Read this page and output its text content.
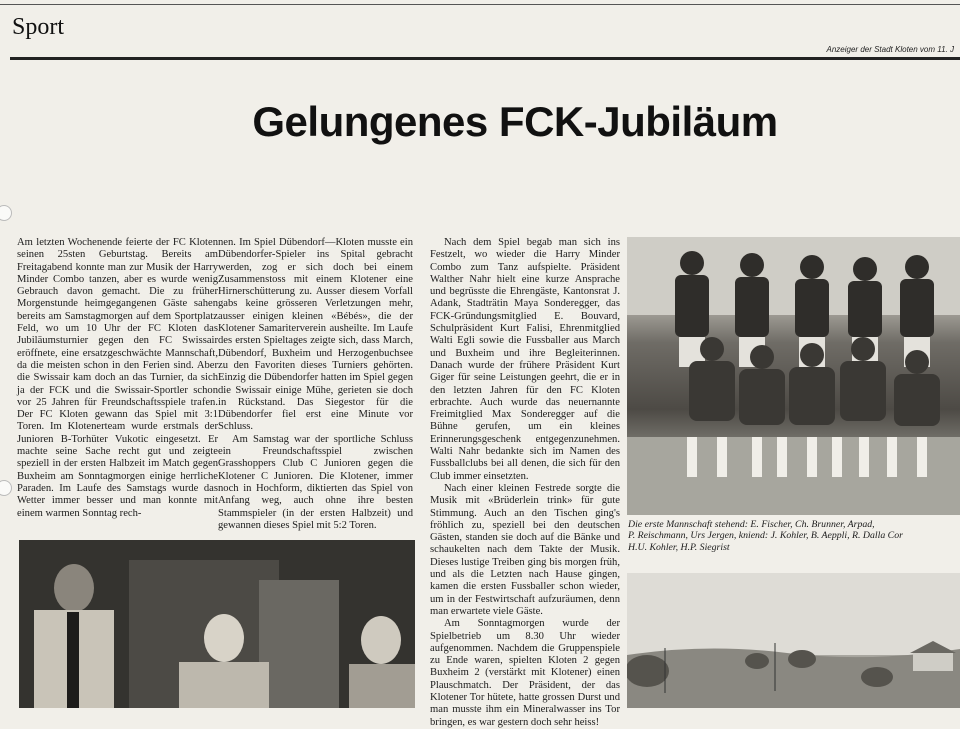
Sport
Anzeiger der Stadt Kloten vom 11. J
Gelungenes FCK-Jubiläum

Am letzten Wochenende feierte der FC Kloten seinen 25sten Geburtstag. Bereits am Freitagabend konnte man zur Musik der Harry Minder Combo tanzen, aber es wurde wenig Gebrauch davon gemacht. Die zu früher Morgenstunde heimgegangenen Gäste sahen bereits am Samstagmorgen auf dem Sportplatz Feld, wo um 10 Uhr der FC Kloten das Jubiläumsturnier gegen den FC Swissair eröffnete, eine ersatzgeschwächte Mannschaft, da die meisten schon in den Ferien sind. Aber die Swissair kam doch an das Turnier, da sich ja der FCK und die Swissair-Sportler schon vor 25 Jahren für Freundschaftsspiele trafen. Der FC Kloten gewann das Spiel mit 3:1 Toren. Im Klotenerteam wurde erstmals der Junioren B-Torhüter Vukotic eingesetzt. Er machte seine Sache recht gut und zeigte speziell in der ersten Halbzeit im Match gegen Buxheim am Sonntagmorgen einige herrliche Paraden. Im Laufe des Samstags wurde das Wetter immer besser und man konnte mit einem warmen Sonntag rech-

nen. Im Spiel Dübendorf—Kloten musste ein Dübendorfer-Spieler ins Spital gebracht werden, zog er sich doch bei einem Zusammenstoss mit einem Klotener eine Hirnerschütterung zu. Ausser diesem Vorfall gabs keine grösseren Verletzungen mehr, ausser einigen kleinen «Bébés», die der Klotener Samariterverein ausheilte. Im Laufe des ersten Spieltages zeigte sich, dass March, Dübendorf, Buxheim und Herzogenbuchsee zu den Favoriten dieses Turniers gehörten. Einzig die Dübendorfer hatten im Spiel gegen die Swissair einige Mühe, gerieten sie doch in Rückstand. Das Siegestor für die Dübendorfer fiel erst eine Minute vor Schluss.

Am Samstag war der sportliche Schluss ein Freundschaftsspiel zwischen Grasshoppers Club C Junioren gegen die Klotener C Junioren. Die Klotener, immer noch in Hochform, diktierten das Spiel von Anfang weg, auch ohne ihre besten Stammspieler (in der ersten Halbzeit) und gewannen dieses Spiel mit 5:2 Toren.

Nach dem Spiel begab man sich ins Festzelt, wo wieder die Harry Minder Combo zum Tanz aufspielte. Präsident Walther Nahr hielt eine kurze Ansprache und begrüsste die Ehrengäste, Kantonsrat J. Adank, Stadträtin Maya Sonderegger, das FCK-Gründungsmitglied E. Bouvard, Schulpräsident Kurt Falisi, Ehrenmitglied Walti Egli sowie die Fussballer aus March und Buxheim und ihre Begleiterinnen. Danach wurde der frühere Präsident Kurt Giger für seine Leistungen geehrt, die er in den letzten Jahren für den FC Kloten erbrachte. Auch wurde das neuernannte Freimitglied Max Sonderegger auf die Bühne gerufen, um ein kleines Erinnerungsgeschenk entgegenzunehmen. Walti Nahr bedankte sich im Namen des Fussballclubs bei all denen, die sich für den Club immer einsetzten.

Nach einer kleinen Festrede sorgte die Musik mit «Brüderlein trink» für gute Stimmung. Auch an den Tischen ging's fröhlich zu, speziell bei den deutschen Gästen, standen sie doch auf die Bänke und schaukelten nach dem Takte der Musik. Dieses lustige Treiben ging bis morgen früh, und als die Letzten nach Hause gingen, kamen die ersten Fussballer schon wieder, um in der Festwirtschaft aufzuräumen, denn man erwartete viele Gäste.

Am Sonntagmorgen wurde der Spielbetrieb um 8.30 Uhr wieder aufgenommen. Nachdem die Gruppenspiele zu Ende waren, spielten Kloten 2 gegen Buxheim 2 (verstärkt mit Klotener) einen Plauschmatch. Der Präsident, der das Klotener Tor hütete, hatte grossen Durst und man musste ihm ein Mineralwasser ins Tor bringen, es war gestern doch sehr heiss!

Die erste Mannschaft stehend: E. Fischer, Ch. Brunner, Arpad,
P. Reischmann, Urs Jergen, kniend: J. Kohler, B. Aeppli, R. Dalla Cor
H.U. Kohler, H.P. Siegrist
